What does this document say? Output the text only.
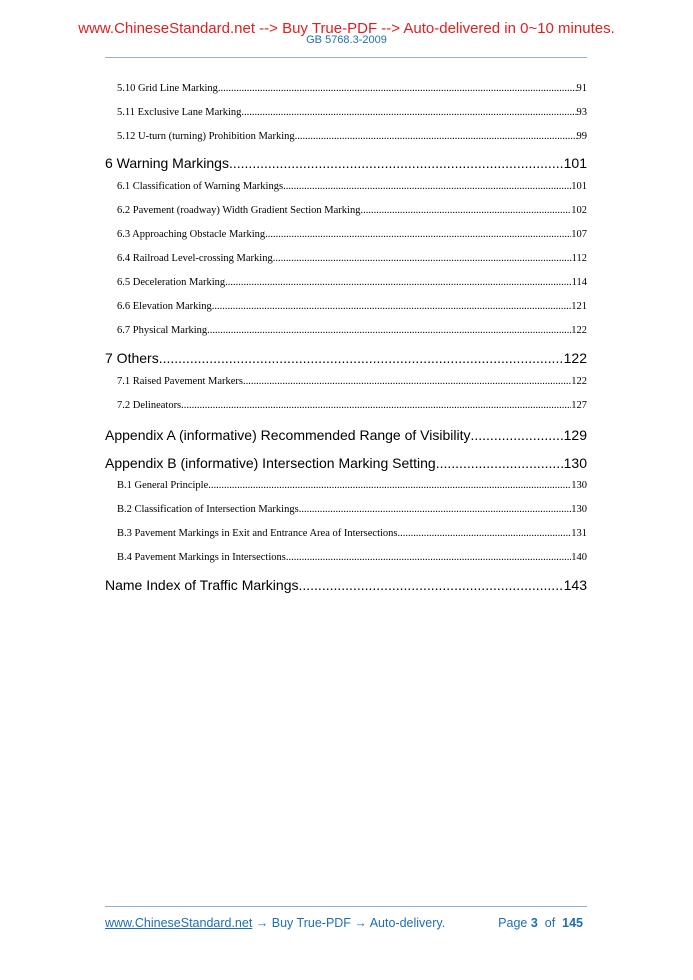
www.ChineseStandard.net --> Buy True-PDF --> Auto-delivered in 0~10 minutes.
GB 5768.3-2009
5.10 Grid Line Marking .....	91
5.11 Exclusive Lane Marking .....	93
5.12 U-turn (turning) Prohibition Marking .....	99
6 Warning Markings .....	101
6.1 Classification of Warning Markings .....	101
6.2 Pavement (roadway) Width Gradient Section Marking .....	102
6.3 Approaching Obstacle Marking .....	107
6.4 Railroad Level-crossing Marking .....	112
6.5 Deceleration Marking .....	114
6.6 Elevation Marking .....	121
6.7 Physical Marking .....	122
7 Others .....	122
7.1 Raised Pavement Markers .....	122
7.2 Delineators .....	127
Appendix A (informative) Recommended Range of Visibility .....	129
Appendix B (informative) Intersection Marking Setting .....	130
B.1 General Principle .....	130
B.2 Classification of Intersection Markings .....	130
B.3 Pavement Markings in Exit and Entrance Area of Intersections .....	131
B.4 Pavement Markings in Intersections .....	140
Name Index of Traffic Markings .....	143
www.ChineseStandard.net → Buy True-PDF → Auto-delivery.	Page 3 of 145
